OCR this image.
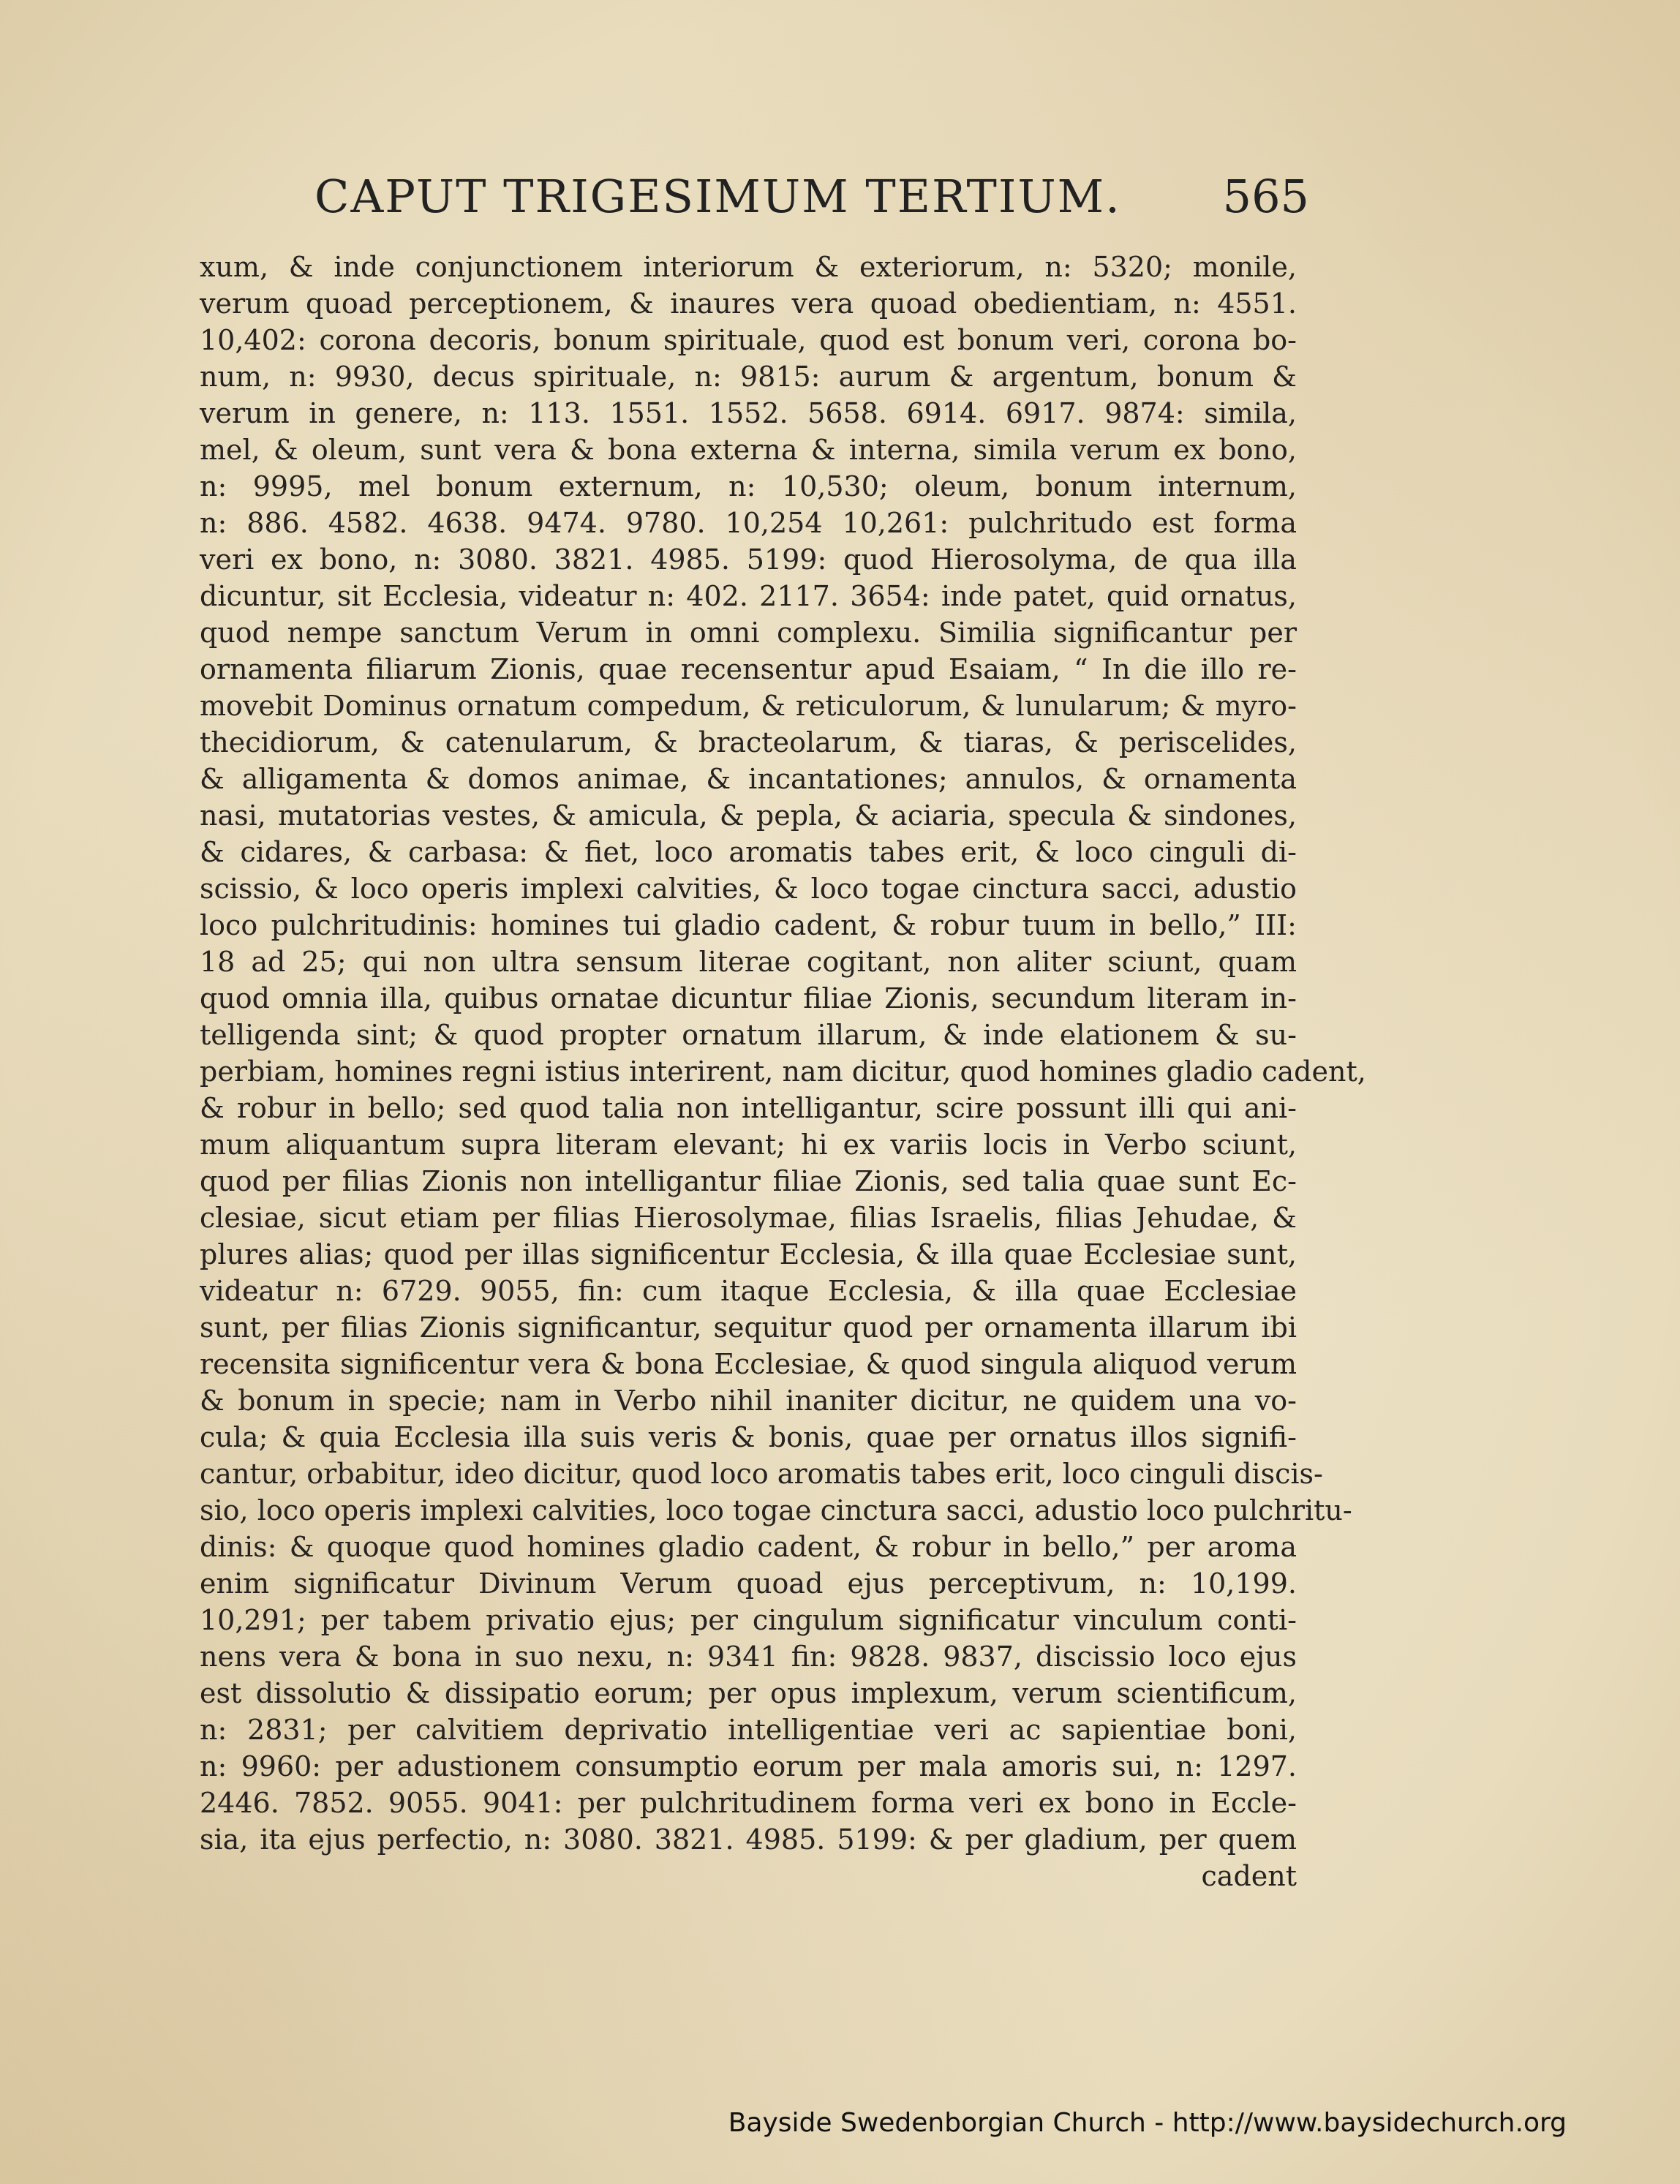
CAPUT TRIGESIMUM TERTIUM. 565
xum, & inde conjunctionem interiorum & exteriorum, n: 5320; monile,
verum quoad perceptionem, & inaures vera quoad obedientiam, n: 4551.
10,402: corona decoris, bonum spirituale, quod est bonum veri, corona bo-
num, n: 9930, decus spirituale, n: 9815: aurum & argentum, bonum &
verum in genere, n: 113. 1551. 1552. 5658. 6914. 6917. 9874: simila,
mel, & oleum, sunt vera & bona externa & interna, simila verum ex bono,
n: 9995, mel bonum externum, n: 10,530; oleum, bonum internum,
n: 886. 4582. 4638. 9474. 9780. 10,254 10,261: pulchritudo est forma
veri ex bono, n: 3080. 3821. 4985. 5199: quod Hierosolyma, de qua illa
dicuntur, sit Ecclesia, videatur n: 402. 2117. 3654: inde patet, quid ornatus,
quod nempe sanctum Verum in omni complexu. Similia significantur per
ornamenta filiarum Zionis, quae recensentur apud Esaiam, “ In die illo re-
movebit Dominus ornatum compedum, & reticulorum, & lunularum; & myro-
thecidiorum, & catenularum, & bracteolarum, & tiaras, & periscelides,
& alligamenta & domos animae, & incantationes; annulos, & ornamenta
nasi, mutatorias vestes, & amicula, & pepla, & aciaria, specula & sindones,
& cidares, & carbasa: & fiet, loco aromatis tabes erit, & loco cinguli di-
scissio, & loco operis implexi calvities, & loco togae cinctura sacci, adustio
loco pulchritudinis: homines tui gladio cadent, & robur tuum in bello,” III:
18 ad 25; qui non ultra sensum literae cogitant, non aliter sciunt, quam
quod omnia illa, quibus ornatae dicuntur filiae Zionis, secundum literam in-
telligenda sint; & quod propter ornatum illarum, & inde elationem & su-
perbiam, homines regni istius interirent, nam dicitur, quod homines gladio cadent,
& robur in bello; sed quod talia non intelligantur, scire possunt illi qui ani-
mum aliquantum supra literam elevant; hi ex variis locis in Verbo sciunt,
quod per filias Zionis non intelligantur filiae Zionis, sed talia quae sunt Ec-
clesiae, sicut etiam per filias Hierosolymae, filias Israelis, filias Jehudae, &
plures alias; quod per illas significentur Ecclesia, & illa quae Ecclesiae sunt,
videatur n: 6729. 9055, fin: cum itaque Ecclesia, & illa quae Ecclesiae
sunt, per filias Zionis significantur, sequitur quod per ornamenta illarum ibi
recensita significentur vera & bona Ecclesiae, & quod singula aliquod verum
& bonum in specie; nam in Verbo nihil inaniter dicitur, ne quidem una vo-
cula; & quia Ecclesia illa suis veris & bonis, quae per ornatus illos signifi-
cantur, orbabitur, ideo dicitur, quod loco aromatis tabes erit, loco cinguli discis-
sio, loco operis implexi calvities, loco togae cinctura sacci, adustio loco pulchritu-
dinis: & quoque quod homines gladio cadent, & robur in bello,” per aroma
enim significatur Divinum Verum quoad ejus perceptivum, n: 10,199.
10,291; per tabem privatio ejus; per cingulum significatur vinculum conti-
nens vera & bona in suo nexu, n: 9341 fin: 9828. 9837, discissio loco ejus
est dissolutio & dissipatio eorum; per opus implexum, verum scientificum,
n: 2831; per calvitiem deprivatio intelligentiae veri ac sapientiae boni,
n: 9960: per adustionem consumptio eorum per mala amoris sui, n: 1297.
2446. 7852. 9055. 9041: per pulchritudinem forma veri ex bono in Eccle-
sia, ita ejus perfectio, n: 3080. 3821. 4985. 5199: & per gladium, per quem
cadent
Bayside Swedenborgian Church - http://www.baysidechurch.org
